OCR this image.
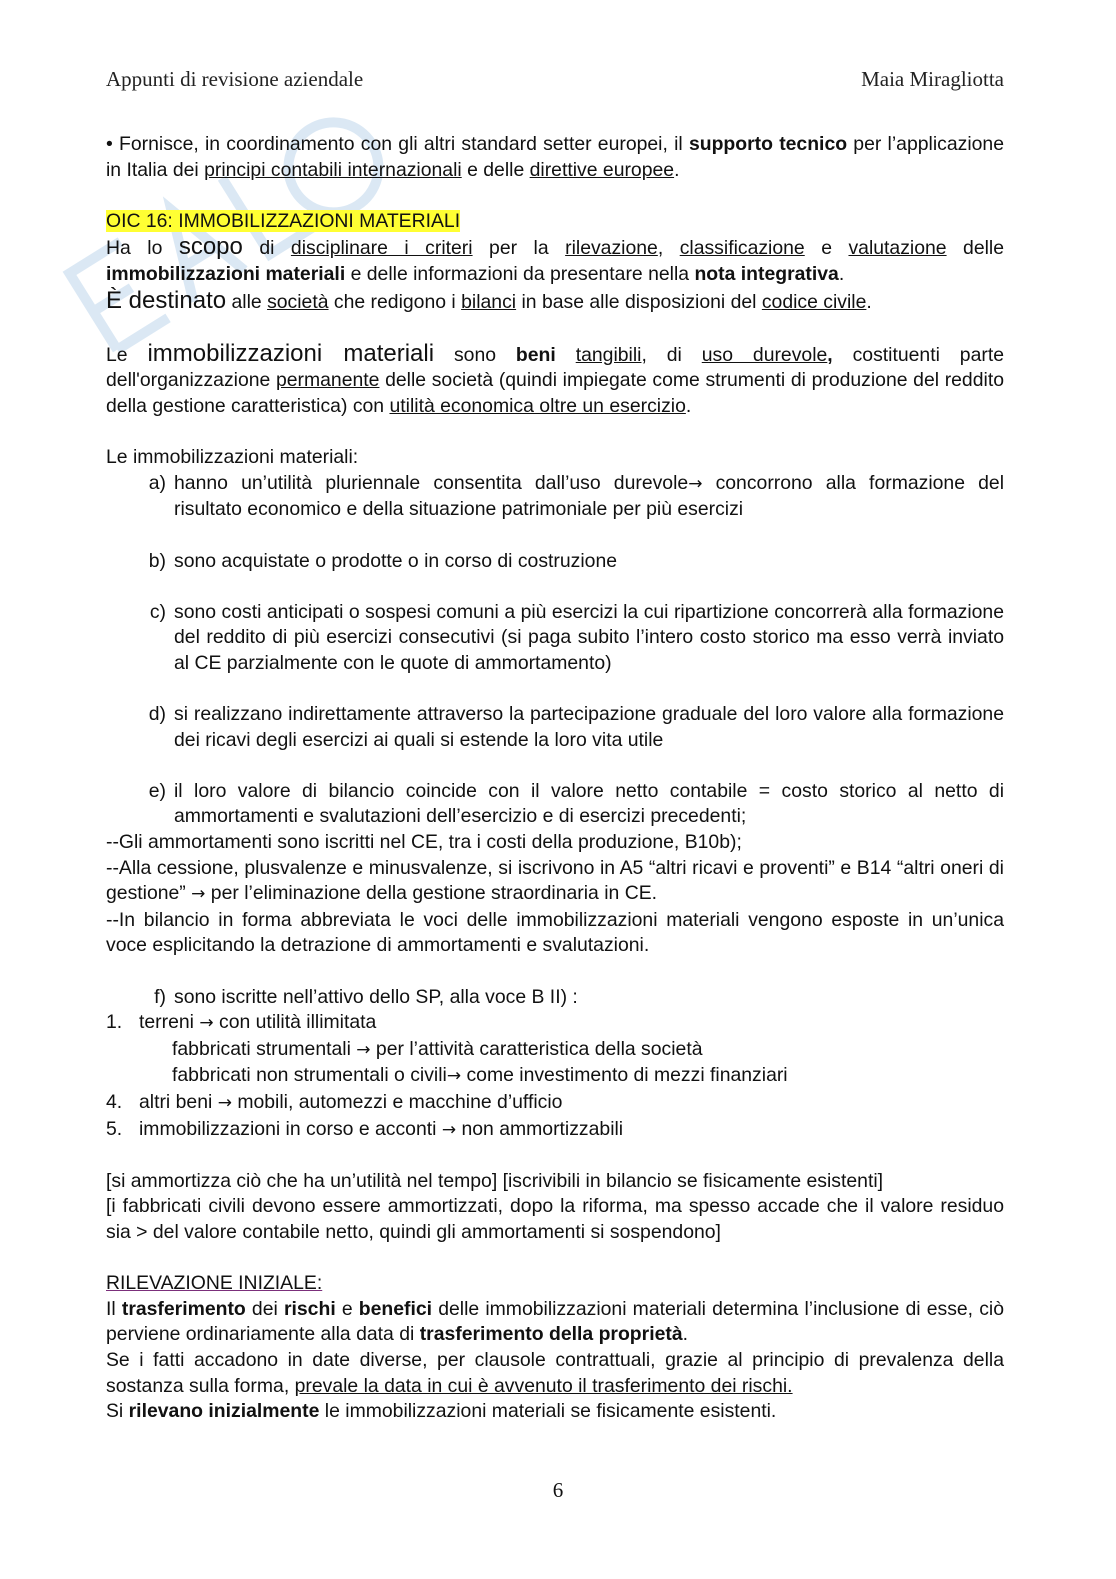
Appunti di revisione aziendale	Maia Miragliotta

• Fornisce, in coordinamento con gli altri standard setter europei, il supporto tecnico per l’applicazione in Italia dei principi contabili internazionali e delle direttive europee.

OIC 16: IMMOBILIZZAZIONI MATERIALI

Ha lo scopo di disciplinare i criteri per la rilevazione, classificazione e valutazione delle immobilizzazioni materiali e delle informazioni da presentare nella nota integrativa.

È destinato alle società che redigono i bilanci in base alle disposizioni del codice civile.

Le immobilizzazioni materiali sono beni tangibili, di uso durevole, costituenti parte dell'organizzazione permanente delle società (quindi impiegate come strumenti di produzione del reddito della gestione caratteristica) con utilità economica oltre un esercizio.

Le immobilizzazioni materiali:

a) hanno un’utilità pluriennale consentita dall’uso durevole→ concorrono alla formazione del risultato economico e della situazione patrimoniale per più esercizi
b) sono acquistate o prodotte o in corso di costruzione
c) sono costi anticipati o sospesi comuni a più esercizi la cui ripartizione concorrerà alla formazione del reddito di più esercizi consecutivi (si paga subito l’intero costo storico ma esso verrà inviato al CE parzialmente con le quote di ammortamento)
d) si realizzano indirettamente attraverso la partecipazione graduale del loro valore alla formazione dei ricavi degli esercizi ai quali si estende la loro vita utile
e) il loro valore di bilancio coincide con il valore netto contabile = costo storico al netto di ammortamenti e svalutazioni dell’esercizio e di esercizi precedenti;

--Gli ammortamenti sono iscritti nel CE, tra i costi della produzione, B10b);

--Alla cessione, plusvalenze e minusvalenze, si iscrivono in A5 “altri ricavi e proventi” e B14 “altri oneri di gestione” → per l’eliminazione della gestione straordinaria in CE.

--In bilancio in forma abbreviata le voci delle immobilizzazioni materiali vengono esposte in un’unica voce esplicitando la detrazione di ammortamenti e svalutazioni.

f) sono iscritte nell’attivo dello SP, alla voce B II) :
1. terreni → con utilità illimitata

fabbricati strumentali → per l’attività caratteristica della società

fabbricati non strumentali o civili→ come investimento di mezzi finanziari

4. altri beni → mobili, automezzi e macchine d’ufficio
5. immobilizzazioni in corso e acconti → non ammortizzabili

[si ammortizza ciò che ha un’utilità nel tempo] [iscrivibili in bilancio se fisicamente esistenti]

[i fabbricati civili devono essere ammortizzati, dopo la riforma, ma spesso accade che il valore residuo sia > del valore contabile netto, quindi gli ammortamenti si sospendono]

RILEVAZIONE INIZIALE:

Il trasferimento dei rischi e benefici delle immobilizzazioni materiali determina l’inclusione di esse, ciò perviene ordinariamente alla data di trasferimento della proprietà.

Se i fatti accadono in date diverse, per clausole contrattuali, grazie al principio di prevalenza della sostanza sulla forma, prevale la data in cui è avvenuto il trasferimento dei rischi.

Si rilevano inizialmente le immobilizzazioni materiali se fisicamente esistenti.

6
